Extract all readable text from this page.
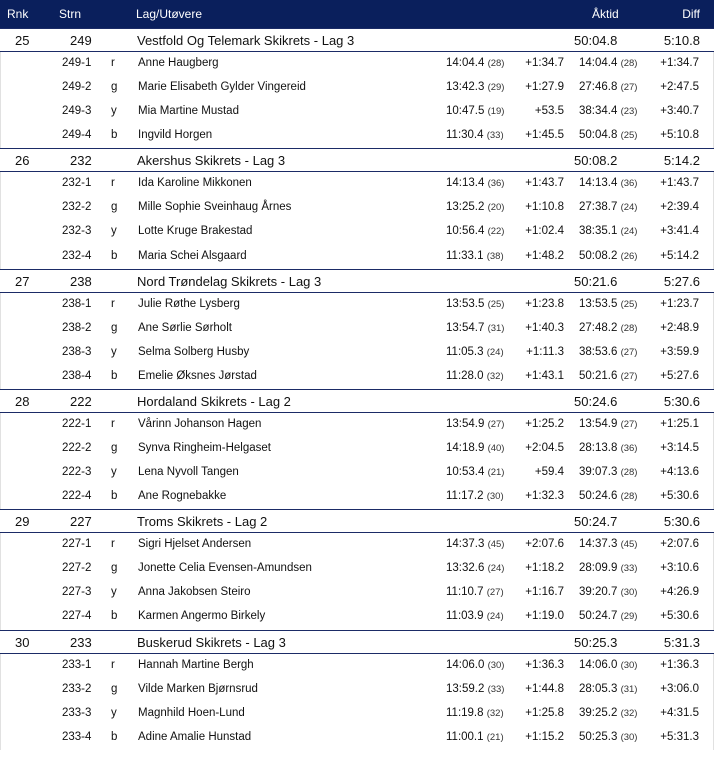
Rnk	Strn	Lag/Utøvere	Åktid	Diff
25	249	Vestfold Og Telemark Skikrets - Lag 3	50:04.8	5:10.8
249-1 r Anne Haugberg	14:04.4 (28) +1:34.7 14:04.4 (28) +1:34.7
249-2 g Marie Elisabeth Gylder Vingereid	13:42.3 (29) +1:27.9 27:46.8 (27) +2:47.5
249-3 y Mia Martine Mustad	10:47.5 (19)	+53.5 38:34.4 (23) +3:40.7
249-4 b Ingvild Horgen	11:30.4 (33) +1:45.5 50:04.8 (25) +5:10.8
26	232	Akershus Skikrets - Lag 3	50:08.2	5:14.2
232-1 r Ida Karoline Mikkonen	14:13.4 (36) +1:43.7 14:13.4 (36) +1:43.7
232-2 g Mille Sophie Sveinhaug Årnes	13:25.2 (20) +1:10.8 27:38.7 (24) +2:39.4
232-3 y Lotte Kruge Brakestad	10:56.4 (22) +1:02.4 38:35.1 (24) +3:41.4
232-4 b Maria Schei Alsgaard	11:33.1 (38) +1:48.2 50:08.2 (26) +5:14.2
27	238	Nord Trøndelag Skikrets - Lag 3	50:21.6	5:27.6
238-1 r Julie Røthe Lysberg	13:53.5 (25) +1:23.8 13:53.5 (25) +1:23.7
238-2 g Ane Sørlie Sørholt	13:54.7 (31) +1:40.3 27:48.2 (28) +2:48.9
238-3 y Selma Solberg Husby	11:05.3 (24) +1:11.3 38:53.6 (27) +3:59.9
238-4 b Emelie Øksnes Jørstad	11:28.0 (32) +1:43.1 50:21.6 (27) +5:27.6
28	222	Hordaland Skikrets - Lag 2	50:24.6	5:30.6
222-1 r Vårinn Johanson Hagen	13:54.9 (27) +1:25.2 13:54.9 (27) +1:25.1
222-2 g Synva Ringheim-Helgaset	14:18.9 (40) +2:04.5 28:13.8 (36) +3:14.5
222-3 y Lena Nyvoll Tangen	10:53.4 (21)	+59.4 39:07.3 (28) +4:13.6
222-4 b Ane Rognebakke	11:17.2 (30) +1:32.3 50:24.6 (28) +5:30.6
29	227	Troms Skikrets - Lag 2	50:24.7	5:30.6
227-1 r Sigri Hjelset Andersen	14:37.3 (45) +2:07.6 14:37.3 (45) +2:07.6
227-2 g Jonette Celia Evensen-Amundsen	13:32.6 (24) +1:18.2 28:09.9 (33) +3:10.6
227-3 y Anna Jakobsen Steiro	11:10.7 (27) +1:16.7 39:20.7 (30) +4:26.9
227-4 b Karmen Angermo Birkely	11:03.9 (24) +1:19.0 50:24.7 (29) +5:30.6
30	233	Buskerud Skikrets - Lag 3	50:25.3	5:31.3
233-1 r Hannah Martine Bergh	14:06.0 (30) +1:36.3 14:06.0 (30) +1:36.3
233-2 g Vilde Marken Bjørnsrud	13:59.2 (33) +1:44.8 28:05.3 (31) +3:06.0
233-3 y Magnhild Hoen-Lund	11:19.8 (32) +1:25.8 39:25.2 (32) +4:31.5
233-4 b Adine Amalie Hunstad	11:00.1 (21) +1:15.2 50:25.3 (30) +5:31.3
